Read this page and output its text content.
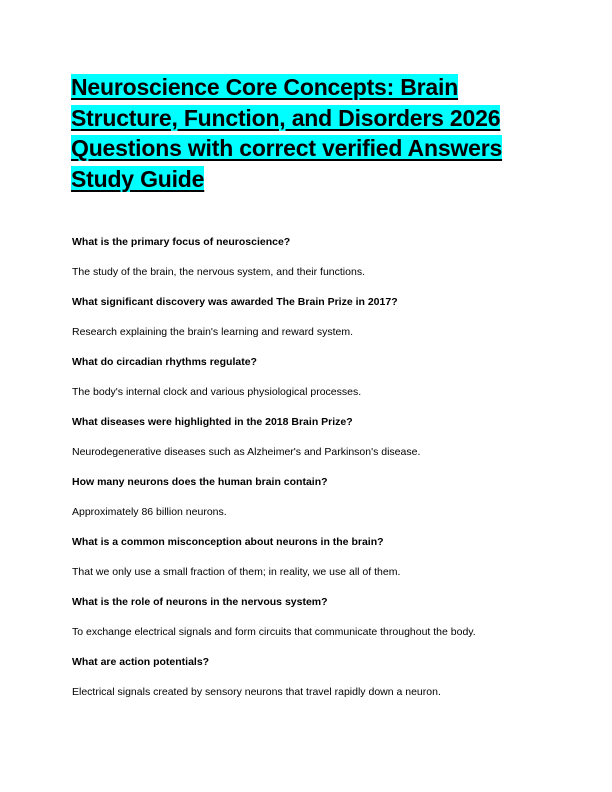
Neuroscience Core Concepts: Brain Structure, Function, and Disorders 2026 Questions with correct verified Answers Study Guide

What is the primary focus of neuroscience?

The study of the brain, the nervous system, and their functions.

What significant discovery was awarded The Brain Prize in 2017?

Research explaining the brain's learning and reward system.

What do circadian rhythms regulate?

The body's internal clock and various physiological processes.

What diseases were highlighted in the 2018 Brain Prize?

Neurodegenerative diseases such as Alzheimer's and Parkinson's disease.

How many neurons does the human brain contain?

Approximately 86 billion neurons.

What is a common misconception about neurons in the brain?

That we only use a small fraction of them; in reality, we use all of them.

What is the role of neurons in the nervous system?

To exchange electrical signals and form circuits that communicate throughout the body.

What are action potentials?

Electrical signals created by sensory neurons that travel rapidly down a neuron.
